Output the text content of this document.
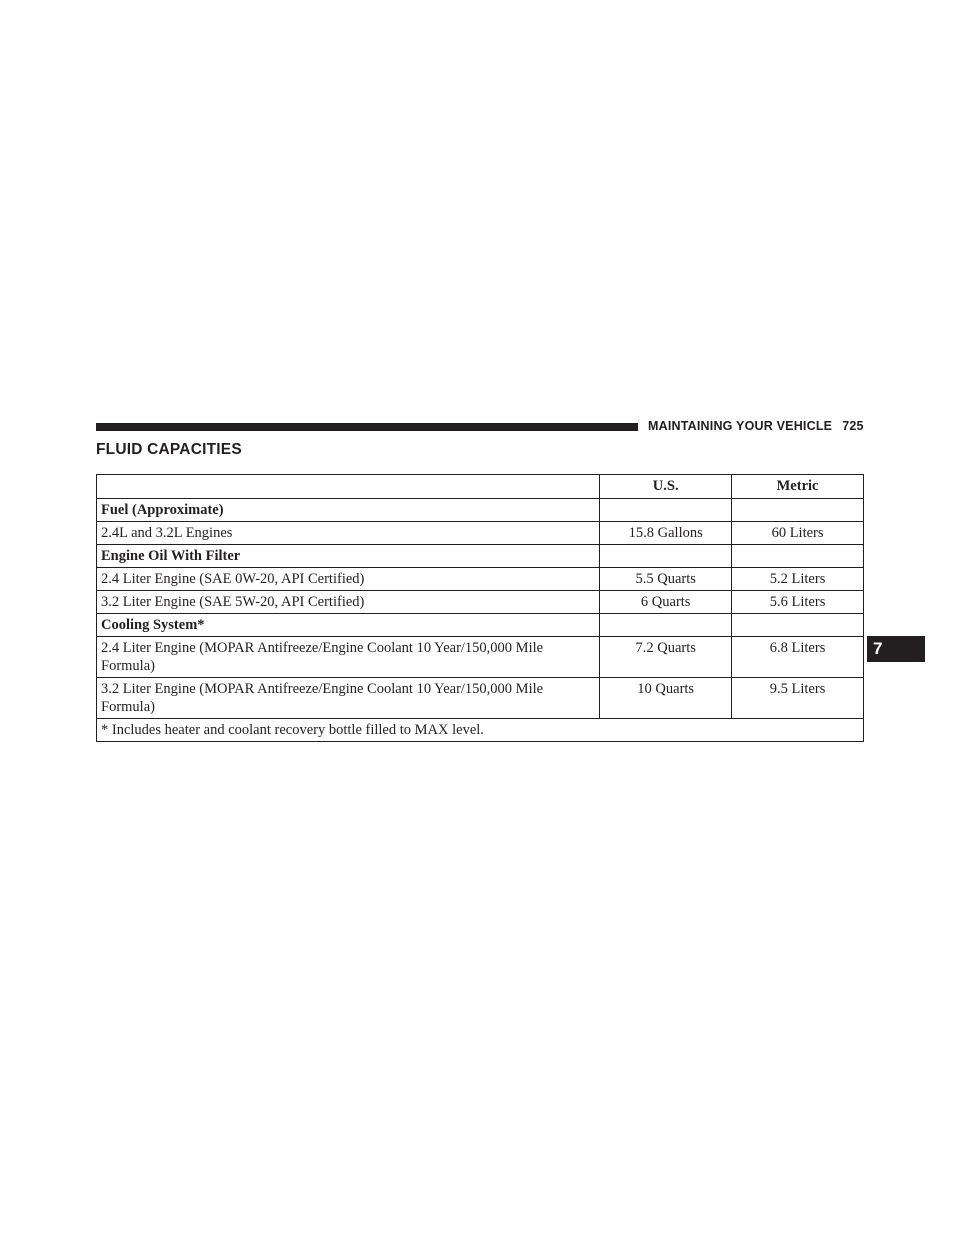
MAINTAINING YOUR VEHICLE 725
FLUID CAPACITIES
	U.S.	Metric
Fuel (Approximate)		
2.4L and 3.2L Engines	15.8 Gallons	60 Liters
Engine Oil With Filter		
2.4 Liter Engine (SAE 0W-20, API Certified)	5.5 Quarts	5.2 Liters
3.2 Liter Engine (SAE 5W-20, API Certified)	6 Quarts	5.6 Liters
Cooling System*		
2.4 Liter Engine (MOPAR Antifreeze/Engine Coolant 10 Year/150,000 Mile Formula)	7.2 Quarts	6.8 Liters
3.2 Liter Engine (MOPAR Antifreeze/Engine Coolant 10 Year/150,000 Mile Formula)	10 Quarts	9.5 Liters
* Includes heater and coolant recovery bottle filled to MAX level.		
7
